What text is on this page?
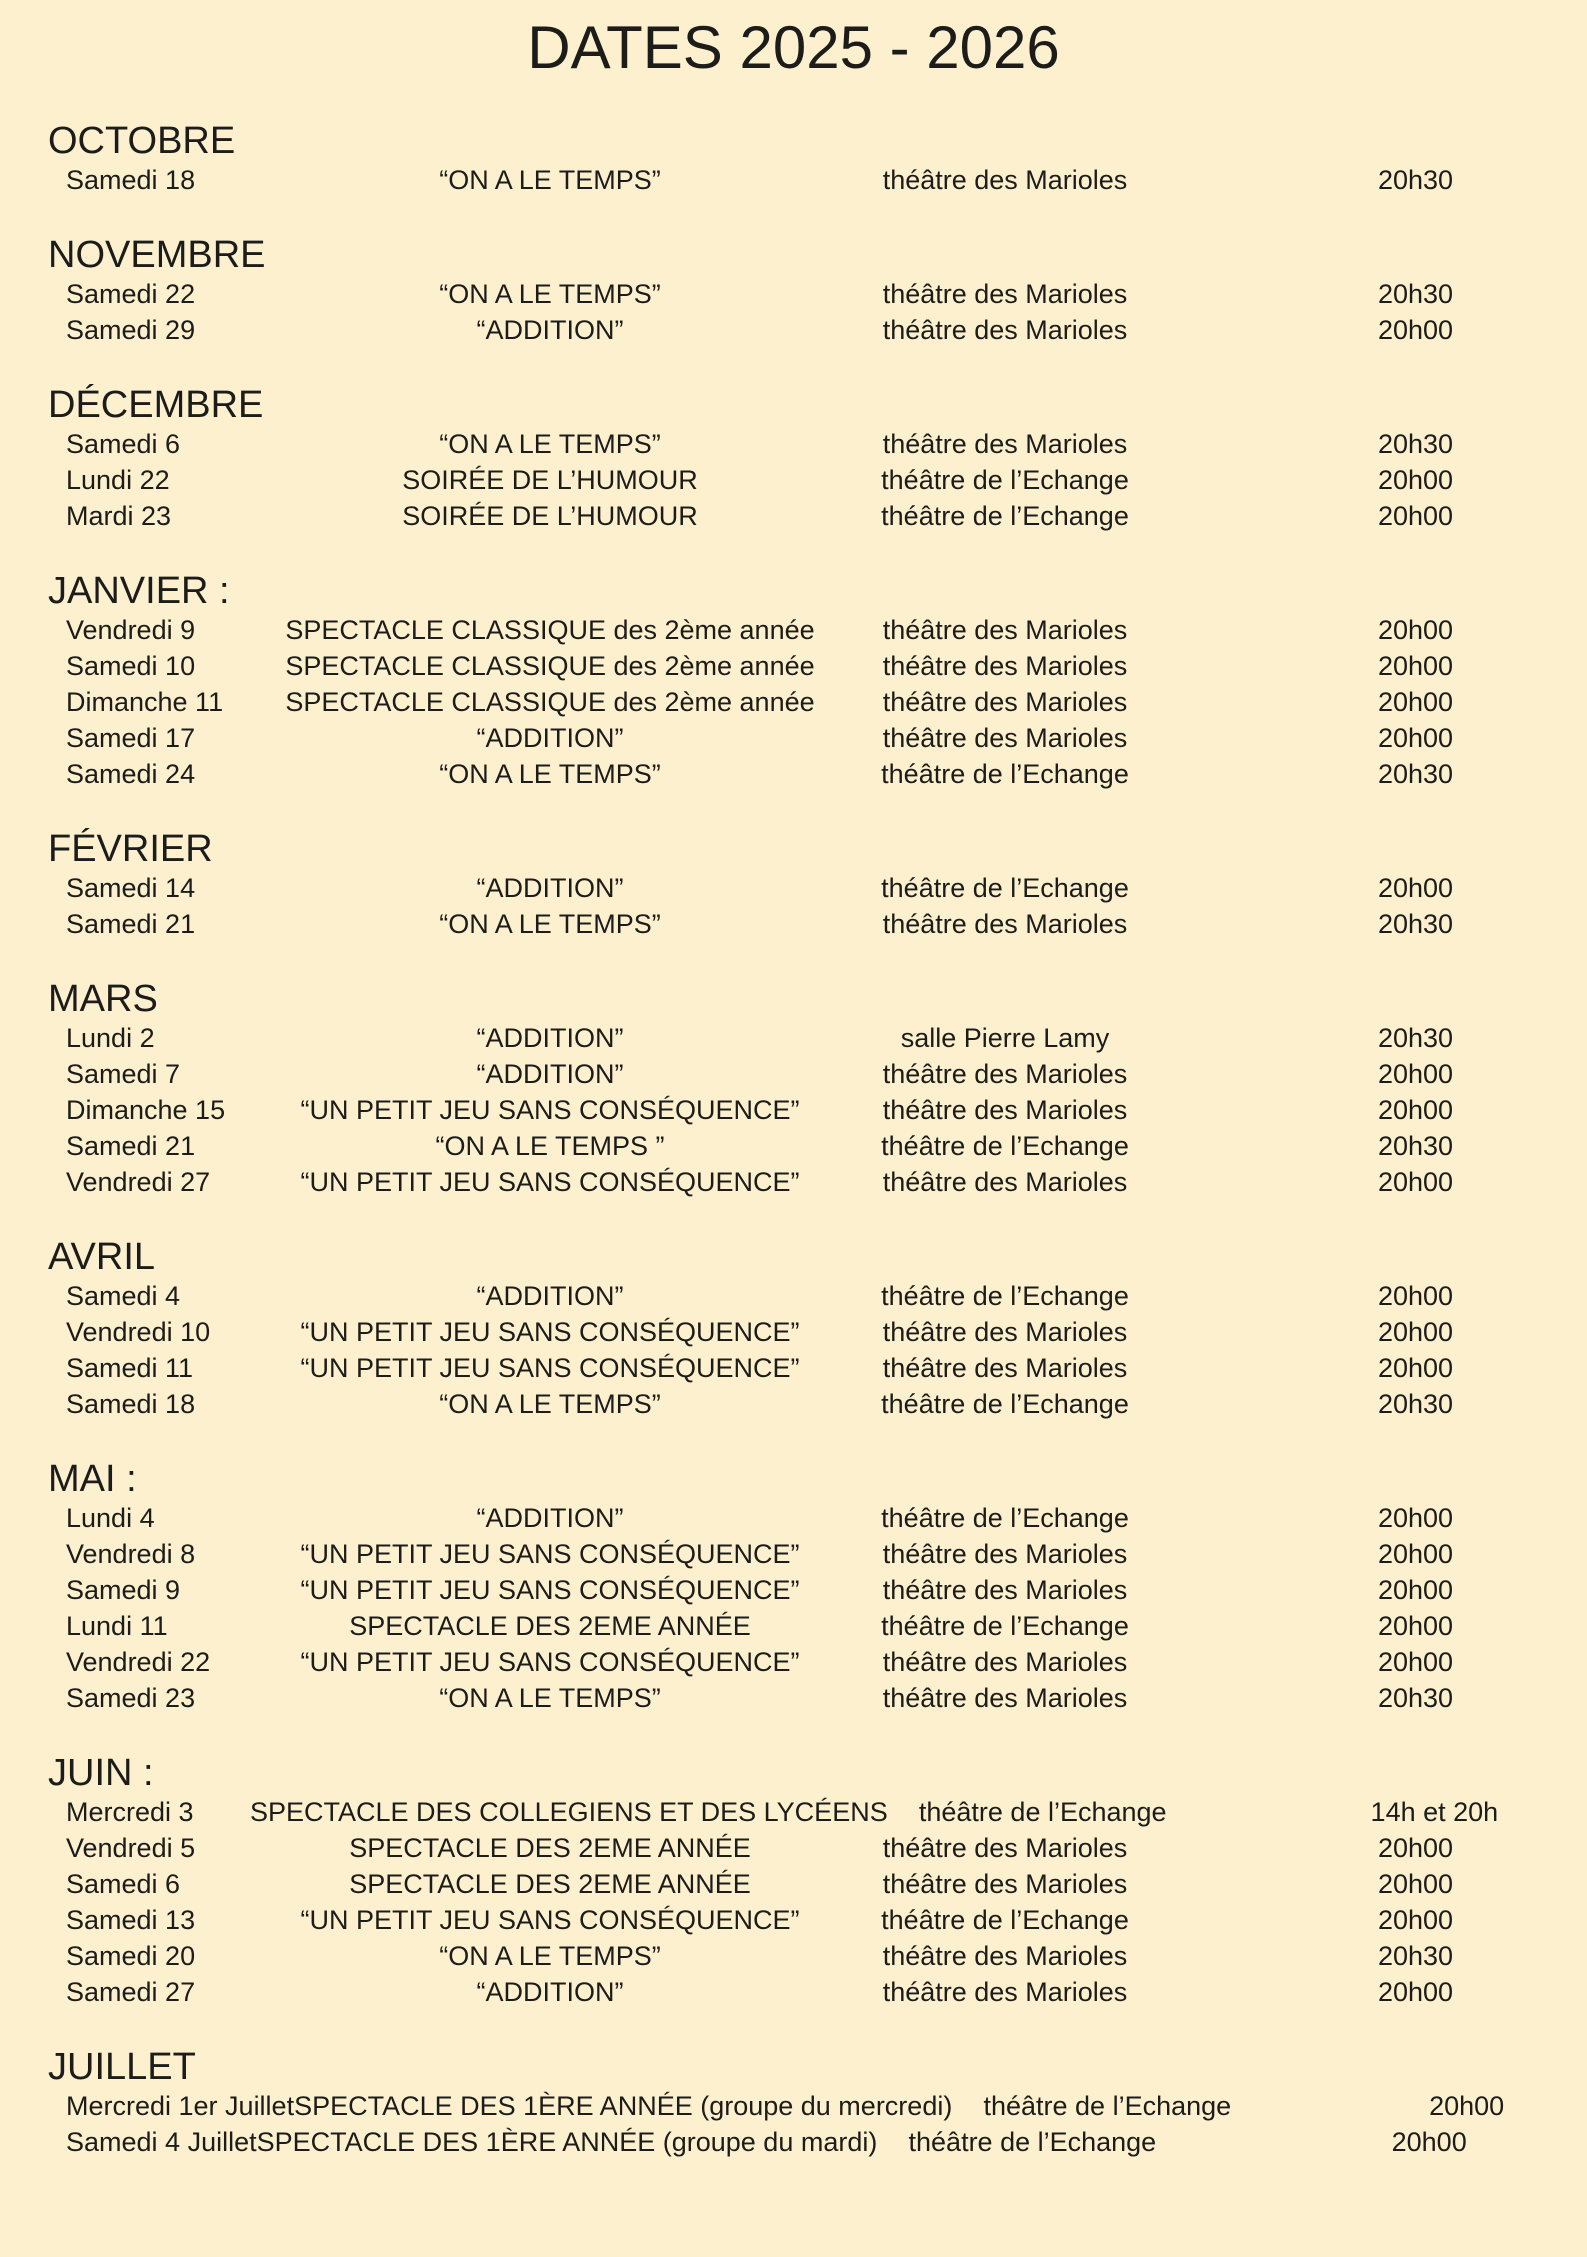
DATES 2025 - 2026
OCTOBRE
Samedi 18	“ON A LE TEMPS”	théâtre des Marioles	20h30
NOVEMBRE
Samedi 22	“ON A LE TEMPS”	théâtre des Marioles	20h30
Samedi 29	“ADDITION”	théâtre des Marioles	20h00
DÉCEMBRE
Samedi 6	“ON A LE TEMPS”	théâtre des Marioles	20h30
Lundi 22	SOIRÉE DE L’HUMOUR	théâtre de l’Echange	20h00
Mardi 23	SOIRÉE DE L’HUMOUR	théâtre de l’Echange	20h00
JANVIER :
Vendredi 9	SPECTACLE CLASSIQUE des 2ème année	théâtre des Marioles	20h00
Samedi 10	SPECTACLE CLASSIQUE des 2ème année	théâtre des Marioles	20h00
Dimanche 11	SPECTACLE CLASSIQUE des 2ème année	théâtre des Marioles	20h00
Samedi 17	“ADDITION”	théâtre des Marioles	20h00
Samedi 24	“ON A LE TEMPS”	théâtre de l’Echange	20h30
FÉVRIER
Samedi 14	“ADDITION”	théâtre de l’Echange	20h00
Samedi 21	“ON A LE TEMPS”	théâtre des Marioles	20h30
MARS
Lundi 2	“ADDITION”	salle Pierre Lamy	20h30
Samedi 7	“ADDITION”	théâtre des Marioles	20h00
Dimanche 15	“UN PETIT JEU SANS CONSÉQUENCE”	théâtre des Marioles	20h00
Samedi 21	“ON A LE TEMPS ”	théâtre de l’Echange	20h30
Vendredi 27	“UN PETIT JEU SANS CONSÉQUENCE”	théâtre des Marioles	20h00
AVRIL
Samedi 4	“ADDITION”	théâtre de l’Echange	20h00
Vendredi 10	“UN PETIT JEU SANS CONSÉQUENCE”	théâtre des Marioles	20h00
Samedi 11	“UN PETIT JEU SANS CONSÉQUENCE”	théâtre des Marioles	20h00
Samedi 18	“ON A LE TEMPS”	théâtre de l’Echange	20h30
MAI :
Lundi 4	“ADDITION”	théâtre de l’Echange	20h00
Vendredi 8	“UN PETIT JEU SANS CONSÉQUENCE”	théâtre des Marioles	20h00
Samedi 9	“UN PETIT JEU SANS CONSÉQUENCE”	théâtre des Marioles	20h00
Lundi 11	SPECTACLE DES 2EME ANNÉE	théâtre de l’Echange	20h00
Vendredi 22	“UN PETIT JEU SANS CONSÉQUENCE”	théâtre des Marioles	20h00
Samedi 23	“ON A LE TEMPS”	théâtre des Marioles	20h30
JUIN :
Mercredi 3	SPECTACLE DES COLLEGIENS ET DES LYCÉENS	théâtre de l’Echange	14h et 20h
Vendredi 5	SPECTACLE DES 2EME ANNÉE	théâtre des Marioles	20h00
Samedi 6	SPECTACLE DES 2EME ANNÉE	théâtre des Marioles	20h00
Samedi 13	“UN PETIT JEU SANS CONSÉQUENCE”	théâtre de l’Echange	20h00
Samedi 20	“ON A LE TEMPS”	théâtre des Marioles	20h30
Samedi 27	“ADDITION”	théâtre des Marioles	20h00
JUILLET
Mercredi 1er Juillet SPECTACLE DES 1ÈRE ANNÉE (groupe du mercredi)	théâtre de l’Echange	20h00
Samedi 4 Juillet SPECTACLE DES 1ÈRE ANNÉE (groupe du mardi)	théâtre de l’Echange	20h00
